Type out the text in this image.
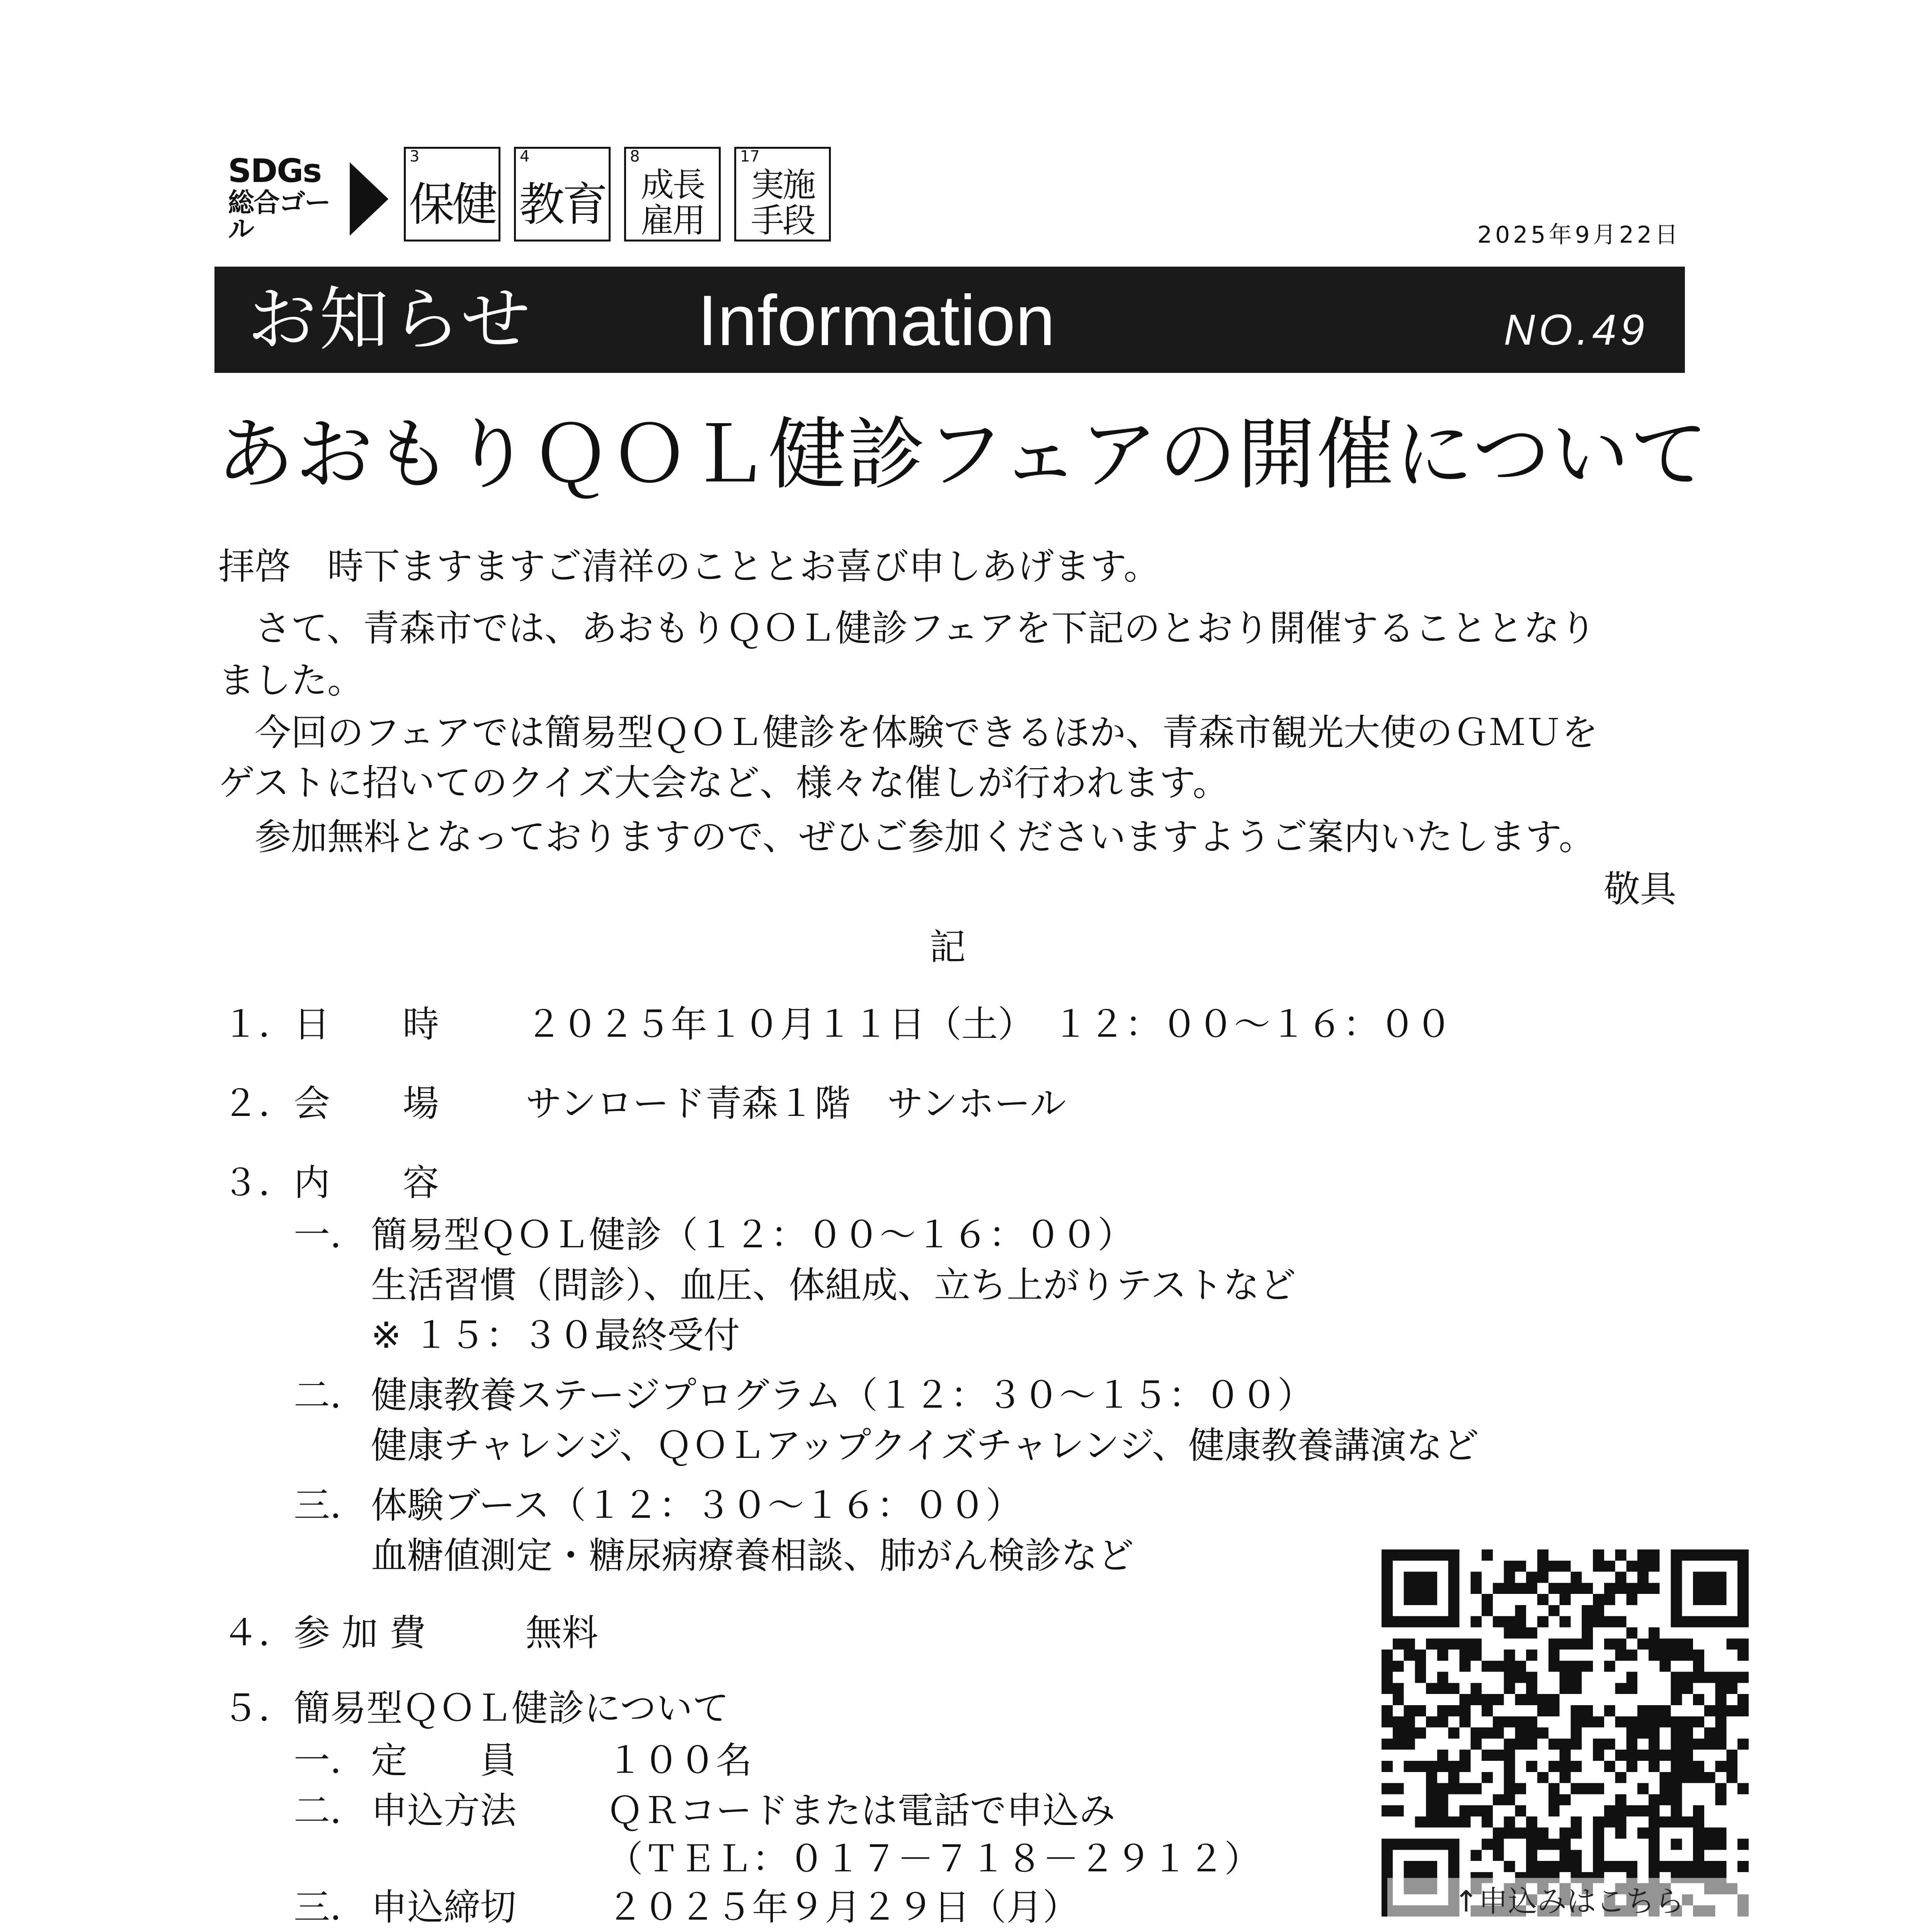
SDGs
総合ゴール
3
保健
4
教育
8
成長
雇用
17
実施
手段	2025年9月22日
お知らせ Information	NO.49
あおもりＱＯＬ健診フェアの開催について
拝啓　時下ますますご清祥のこととお喜び申しあげます。
　さて、青森市では、あおもりＱＯＬ健診フェアを下記のとおり開催することとなり
ました。
　今回のフェアでは簡易型ＱＯＬ健診を体験できるほか、青森市観光大使のＧＭＵを
ゲストに招いてのクイズ大会など、様々な催しが行われます。
　参加無料となっておりますので、ぜひご参加くださいますようご案内いたします。
敬具
記
１．
日　　時 ２０２５年１０月１１日（土）　１２：００～１６：００
２．
会　　場 サンロード青森１階　サンホール
３．
内　　容
一． 簡易型ＱＯＬ健診（１２：００～１６：００）
生活習慣（問診）、血圧、体組成、立ち上がりテストなど
※ １５：３０最終受付
二． 健康教養ステージプログラム（１２：３０～１５：００）
健康チャレンジ、ＱＯＬアップクイズチャレンジ、健康教養講演など
三． 体験ブース（１２：３０～１６：００）
血糖値測定・糖尿病療養相談、肺がん検診など
４．
参 加 費	無料
５．
簡易型ＱＯＬ健診について
一． 定　　員 １００名
二． 申込方法 ＱＲコードまたは電話で申込み
（ＴＥＬ：０１７－７１８－２９１２）
三． 申込締切 ２０２５年９月２９日（月）	↑申込みはこちら
